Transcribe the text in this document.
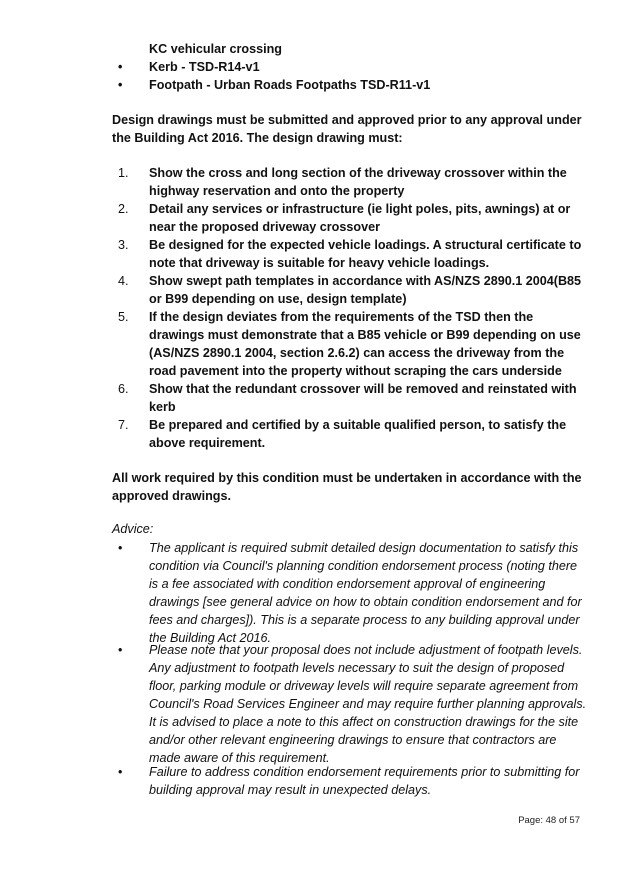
KC vehicular crossing
• Kerb - TSD-R14-v1
• Footpath - Urban Roads Footpaths TSD-R11-v1
Design drawings must be submitted and approved prior to any approval under the Building Act 2016. The design drawing must:
1. Show the cross and long section of the driveway crossover within the highway reservation and onto the property
2. Detail any services or infrastructure (ie light poles, pits, awnings) at or near the proposed driveway crossover
3. Be designed for the expected vehicle loadings. A structural certificate to note that driveway is suitable for heavy vehicle loadings.
4. Show swept path templates in accordance with AS/NZS 2890.1 2004(B85 or B99 depending on use, design template)
5. If the design deviates from the requirements of the TSD then the drawings must demonstrate that a B85 vehicle or B99 depending on use (AS/NZS 2890.1 2004, section 2.6.2) can access the driveway from the road pavement into the property without scraping the cars underside
6. Show that the redundant crossover will be removed and reinstated with kerb
7. Be prepared and certified by a suitable qualified person, to satisfy the above requirement.
All work required by this condition must be undertaken in accordance with the approved drawings.
Advice:
• The applicant is required submit detailed design documentation to satisfy this condition via Council's planning condition endorsement process (noting there is a fee associated with condition endorsement approval of engineering drawings [see general advice on how to obtain condition endorsement and for fees and charges]). This is a separate process to any building approval under the Building Act 2016.
• Please note that your proposal does not include adjustment of footpath levels. Any adjustment to footpath levels necessary to suit the design of proposed floor, parking module or driveway levels will require separate agreement from Council's Road Services Engineer and may require further planning approvals. It is advised to place a note to this affect on construction drawings for the site and/or other relevant engineering drawings to ensure that contractors are made aware of this requirement.
• Failure to address condition endorsement requirements prior to submitting for building approval may result in unexpected delays.
Page: 48 of 57
